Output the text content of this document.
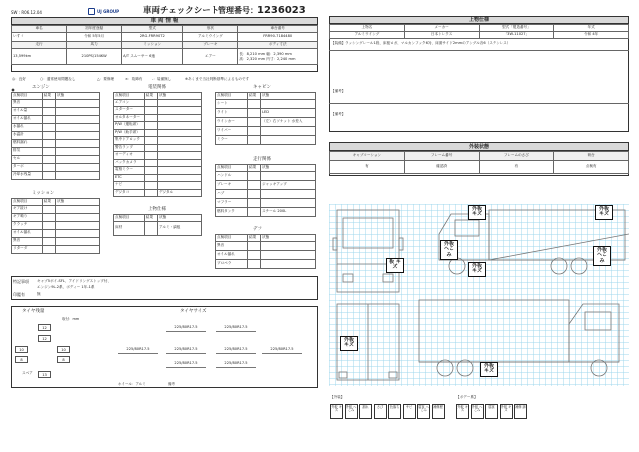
SW : R06.12.04	UJ GROUP	車両チェックシート
管理番号： 1236023
車 両 情 報
車名	初年度登録	型式	形状	車台番号
いすゞ	令和 5年5月	2RG-FRR90T2	アルミウイング	FRR90-7184480
走行	馬力	ミッション	ブレーキ	ボディ寸法
13,599km	210PS/154KW	A/T スムーサー 6速	エアー	長：8,210 mm 幅：2,390 mm
高：2,320 mm 内寸：2,240 mm
◎：良好	○：通常使用問題なし	△：要修理	×：故障有	-：装備無し	※あくまで当社判断基準によるものです
エンジン
点検項目	結果	状態
異音		
オイル量		
オイル漏れ		
水漏れ		
水温計		
燃料漏れ		
排気		
セル		
ターボ		
冷却水残量		
ミッション
点検項目	結果	状態
ギア抜け		
ギア鳴り		
クラッチ		
オイル漏れ		
異音		
リターダ		
電装関係
点検項目	結果	状態
エアコン		
スターター		
オルタネーター		
P/W（運転席）		
P/W（助手席）		
集中ドアロック		
警告ランプ		
オーディオ		
バックカメラ		
電格ミラー		
ETC		
ナビ		
デジタコ		デジタル
上物仕様
点検項目	結果	状態
床材		アルミ・縞板
キャビン
点検項目	結果	状態
シート		
ライト		LED
ウインカー		（左）右ソケット 水差入
ワイパー		
ミラー		
走行関係
点検項目	結果	状態
ハンドル		
ブレーキ		ジャッキアップ
ハブ		
マフラー		
燃料タンク		スチール 200L
デフ
点検項目	結果	状態
異音		
オイル漏れ		
プロペラ		
特記事項 キャブ5ポイ-SFL、アイドリングストップ付、
エンジン9L-2系、ボディー 1年-1系
印鑑有	無
タイヤ残量
取付：mm
タイヤサイズ
12
12
10	10
8	8
13
スペア
225/80R17.5	225/80R17.5
225/80R17.5	225/80R17.5	225/80R17.5	225/80R17.5
225/80R17.5	225/80R17.5
ホイール：アルミ	備考
上物仕様
上物名	メーカー	型式「製造番号」	年式
アルミウイング	日本トレクス	「3W-11027」	令和 4年
【装備】 ラッシングレール1段、床板ロガ、マルカンフック6対、床面サイド2mmのアングル各6（ステンレス）
【備考】
【備考】
外装状態
キャブコーション	フレーム番号	フレームのさび	荷台
有	確認済	有	点検有
外板 キズ
外板 キズ
外板 へこみ
外板 へこみ
板 キズ	外板 キズ
外板 キズ
外板 キズ
【外装】	【ボデー系】
外板 キズ
外板 へこみ
割れ	さび	色落ち	サビ	腐食 へこみ
補修歴	外板 キズ
外板 へこみ
腐食	外板 キズ
補修 跡
